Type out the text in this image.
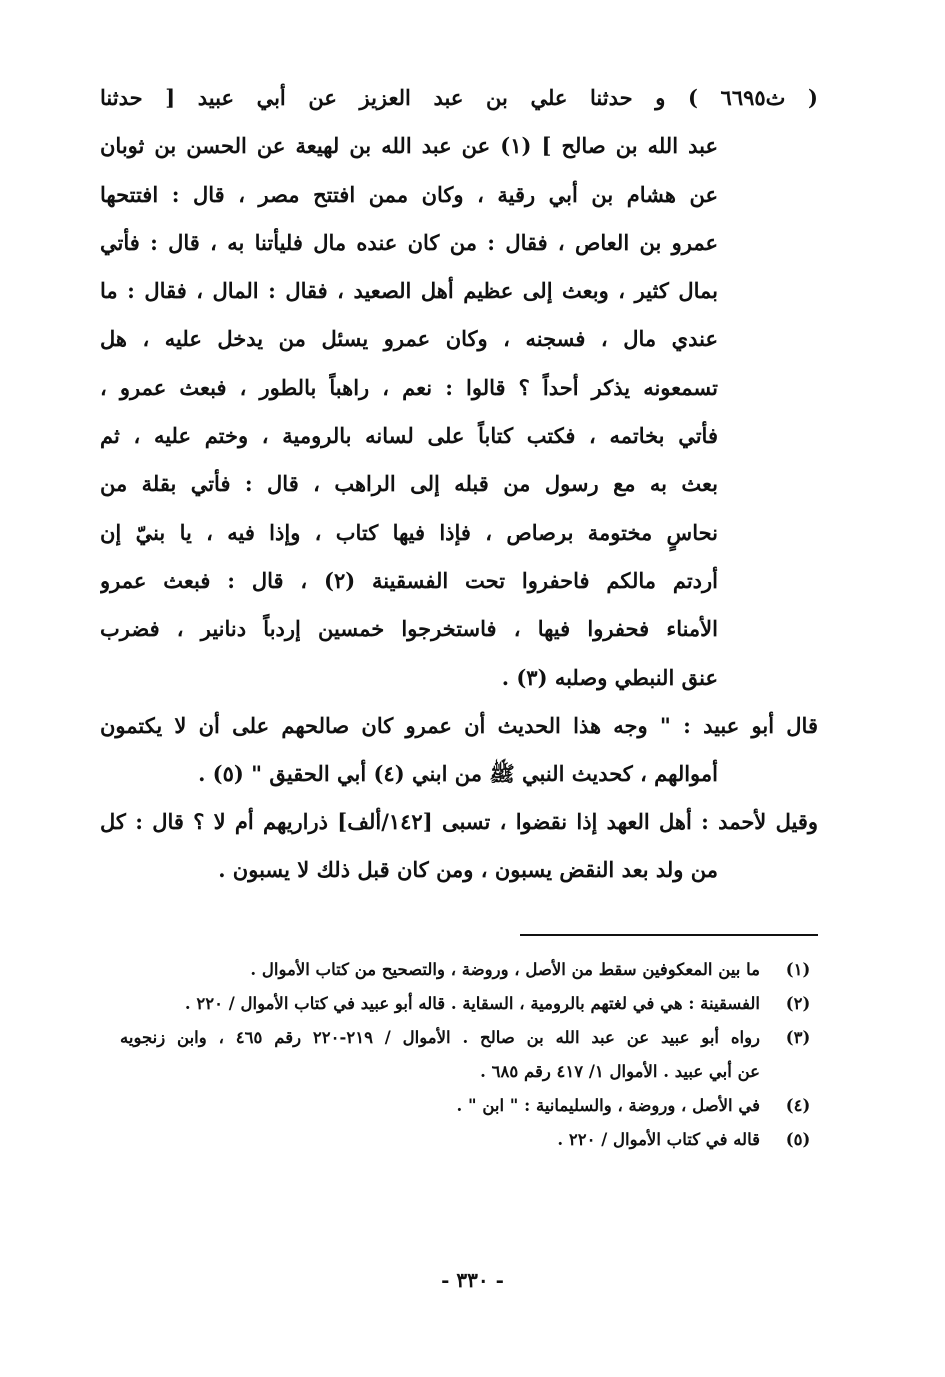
( ث٦٦٩٥ ) و حدثنا علي بن عبد العزيز عن أبي عبيد [ حدثنا
عبد الله بن صالح ] (١) عن عبد الله بن لهيعة عن الحسن بن ثوبان
عن هشام بن أبي رقية ، وكان ممن افتتح مصر ، قال : افتتحها
عمرو بن العاص ، فقال : من كان عنده مال فليأتنا به ، قال : فأتي
بمال كثير ، وبعث إلى عظيم أهل الصعيد ، فقال : المال ، فقال : ما
عندي مال ، فسجنه ، وكان عمرو يسئل من يدخل عليه ، هل
تسمعونه يذكر أحداً ؟ قالوا : نعم ، راهباً بالطور ، فبعث عمرو ،
فأتي بخاتمه ، فكتب كتاباً على لسانه بالرومية ، وختم عليه ، ثم
بعث به مع رسول من قبله إلى الراهب ، قال : فأتي بقلة من
نحاسٍ مختومة برصاص ، فإذا فيها كتاب ، وإذا فيه ، يا بنيّ إن
أردتم مالكم فاحفروا تحت الفسقينة (٢) ، قال : فبعث عمرو
الأمناء فحفروا فيها ، فاستخرجوا خمسين إردباً دنانير ، فضرب
عنق النبطي وصلبه (٣) .
قال أبو عبيد : " وجه هذا الحديث أن عمرو كان صالحهم على أن لا يكتمون
أموالهم ، كحديث النبي ﷺ من ابني (٤) أبي الحقيق " (٥) .
وقيل لأحمد : أهل العهد إذا نقضوا ، تسبى [١٤٢/ألف] ذراريهم أم لا ؟ قال : كل
من ولد بعد النقض يسبون ، ومن كان قبل ذلك لا يسبون .
(١)
ما بين المعكوفين سقط من الأصل ، وروضة ، والتصحيح من كتاب الأموال .
(٢)
الفسقينة : هي في لغتهم بالرومية ، السقاية . قاله أبو عبيد في كتاب الأموال / ٢٢٠ .
(٣)
رواه أبو عبيد عن عبد الله بن صالح . الأموال / ٢١٩-٢٢٠ رقم ٤٦٥ ، وابن زنجويه
عن أبي عبيد . الأموال ١/ ٤١٧ رقم ٦٨٥ .
(٤)
في الأصل ، وروضة ، والسليمانية : " ابن " .
(٥)
قاله في كتاب الأموال / ٢٢٠ .
- ٣٣٠ -
